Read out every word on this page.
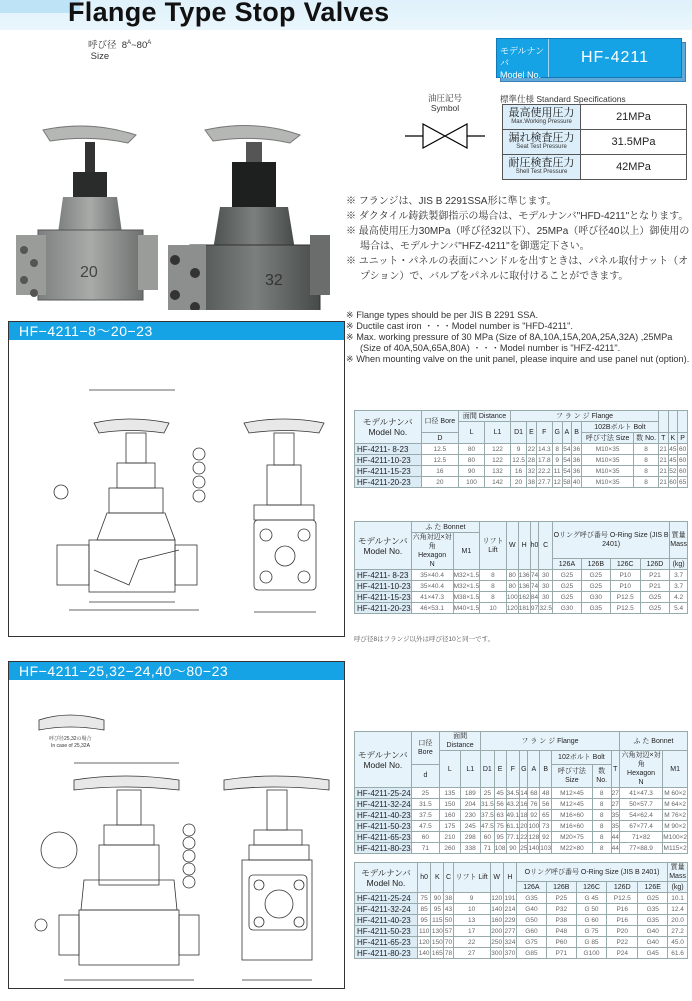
Flange Type Stop Valves
呼び径 $8^A\sim 80^A$
Size
モデルナンバ
Model No.
HF-4211
20	32
油圧記号
Symbol
標準仕様 Standard Specifications
最高使用圧力
Max.Working Pressure	21MPa
漏れ検査圧力
Seat Test Pressure	31.5MPa
耐圧検査圧力
Shell Test Pressure	42MPa

※ フランジは、JIS B 2291SSA形に準じます。

※ ダクタイル鋳鉄製御指示の場合は、モデルナンバ"HFD-4211"となります。

※ 最高使用圧力30MPa（呼び径32以下）、25MPa（呼び径40以上）御使用の場合は、モデルナンバ"HFZ-4211"を御選定下さい。

※ ユニット・パネルの表面にハンドルを出すときは、パネル取付ナット（オプション）で、バルブをパネルに取付けることができます。

※ Flange types should be per JIS B 2291 SSA.

※ Ductile cast iron ・・・Model number is "HFD-4211".

※ Max. working pressure of 30 MPa (Size of 8A,10A,15A,20A,25A,32A) ,25MPa (Size of 40A,50A,65A,80A) ・・・Model number is "HFZ-4211".

※ When mounting valve on the unit panel, please inquire and use panel nut (option).

HF−4211−8〜20−23
HF−4211−25,32−24,40〜80−23
呼び径25,32の場合
In case of 25,32A
モデルナンバ
Model No.	口径 Bore	面間 Distance		フ ラ ン ジ Flange										
		L	L1	D1	E	F	G	A	B	102Bボルト Bolt				
	D									呼び寸法 Size	数 No.	T	K	P
HF-4211- 8-23	12.5	80	122	9	22	14.3	8	54	36	M10×35	8	21	45	60
HF-4211-10-23	12.5	80	122	12.5	28	17.8	9	54	36	M10×35	8	21	45	60
HF-4211-15-23	16	90	132	16	32	22.2	11	54	36	M10×35	8	21	52	60
HF-4211-20-23	20	100	142	20	38	27.7	12	58	40	M10×35	8	21	60	65
モデルナンバ
Model No.	ふ た Bonnet		リフト Lift	W	H	h0	C	Oリング呼び番号 O-Ring Size (JIS B 2401)				質量
Mass
	六角対辺×対角
Hexagon
N	M1										
								126A	126B	126C	126D	(kg)
HF-4211- 8-23	35×40.4	M32×1.5	8	80	136	74	30	G25	G25	P10	P21	3.7
HF-4211-10-23	35×40.4	M32×1.5	8	80	136	74	30	G25	G25	P10	P21	3.7
HF-4211-15-23	41×47.3	M38×1.5	8	100	162	84	30	G25	G30	P12.5	G25	4.2
HF-4211-20-23	46×53.1	M40×1.5	10	120	181	97	32.5	G30	G35	P12.5	G25	5.4
呼び径8はフランジ以外は呼び径10と同一です。
モデルナンバ
Model No.	口径 Bore	面間 Distance		フ ラ ン ジ Flange									ふ た Bonnet	
		L	L1	D1	E	F	G	A	B	102ボルト Bolt		T	六角対辺×対角
Hexagon
N	M1
	d									呼び寸法 Size	数 No.			
HF-4211-25-24	25	135	189	25	45	34.5	14	68	48	M12×45	8	27	41×47.3	M 60×2
HF-4211-32-24	31.5	150	204	31.5	56	43.2	16	76	56	M12×45	8	27	50×57.7	M 64×2
HF-4211-40-23	37.5	160	230	37.5	63	49.1	18	92	65	M16×60	8	35	54×62.4	M 76×2
HF-4211-50-23	47.5	175	245	47.5	75	61.1	20	100	73	M16×60	8	35	67×77.4	M 90×2
HF-4211-65-23	60	210	298	60	95	77.1	22	128	92	M20×75	8	44	71×82	M100×2
HF-4211-80-23	71	260	338	71	108	90	25	140	103	M22×80	8	44	77×88.9	M115×2
モデルナンバ
Model No.	h0	K	C	リフト Lift	W	H	Oリング呼び番号 O-Ring Size (JIS B 2401)					質量
Mass

							126A	126B	126C	126D	126E	(kg)
HF-4211-25-24	75	90	38	9	120	191	G35	P25	G 45	P12.5	G25	10.1
HF-4211-32-24	85	95	43	10	140	214	G40	P32	G 50	P16	G35	12.4
HF-4211-40-23	95	115	50	13	160	229	G50	P38	G 60	P16	G35	20.0
HF-4211-50-23	110	130	57	17	200	277	G60	P48	G 75	P20	G40	27.2
HF-4211-65-23	120	150	70	22	250	324	G75	P60	G 85	P22	G40	45.0
HF-4211-80-23	140	165	78	27	300	370	G85	P71	G100	P24	G45	61.6
